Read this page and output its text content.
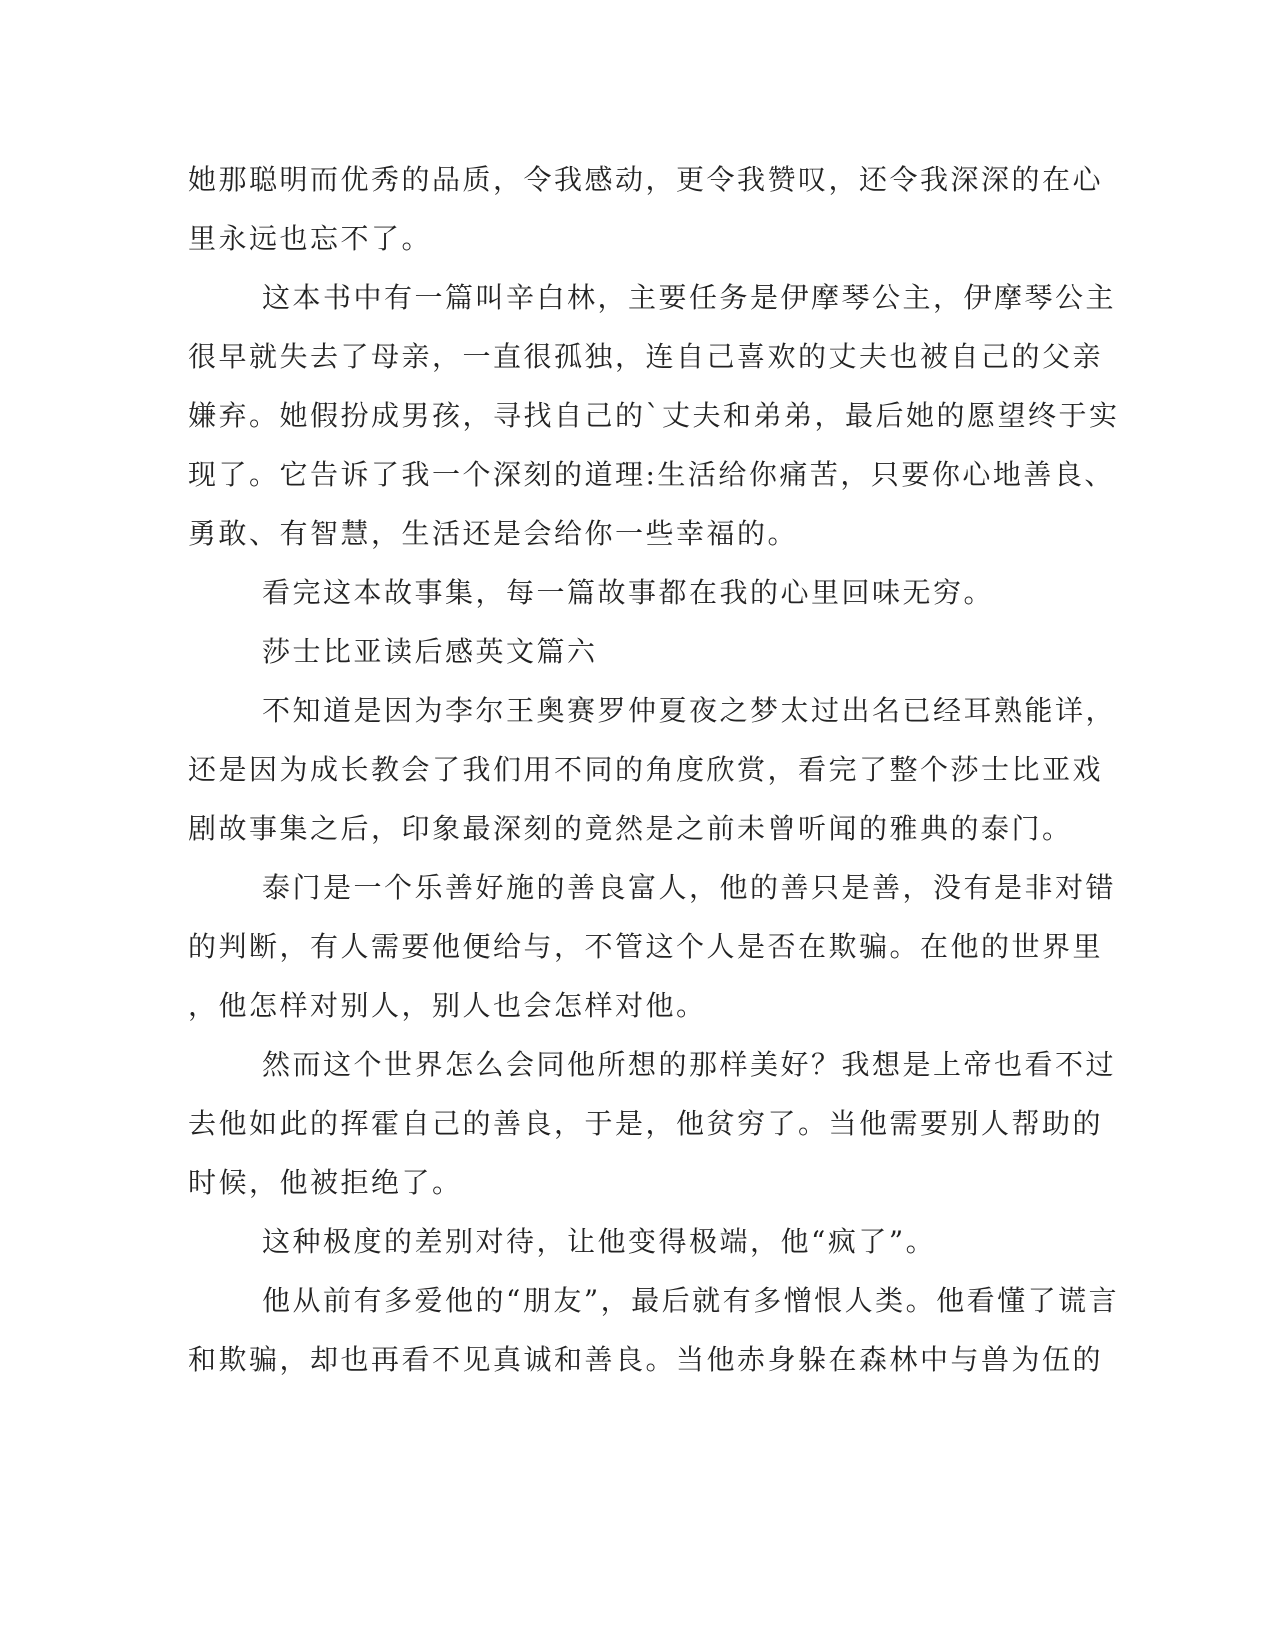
她那聪明而优秀的品质，令我感动，更令我赞叹，还令我深深的在心
里永远也忘不了。
这本书中有一篇叫辛白林，主要任务是伊摩琴公主，伊摩琴公主
很早就失去了母亲，一直很孤独，连自己喜欢的丈夫也被自己的父亲
嫌弃。她假扮成男孩，寻找自己的`丈夫和弟弟，最后她的愿望终于实
现了。它告诉了我一个深刻的道理:生活给你痛苦，只要你心地善良、
勇敢、有智慧，生活还是会给你一些幸福的。
看完这本故事集，每一篇故事都在我的心里回味无穷。
莎士比亚读后感英文篇六
不知道是因为李尔王奥赛罗仲夏夜之梦太过出名已经耳熟能详，
还是因为成长教会了我们用不同的角度欣赏，看完了整个莎士比亚戏
剧故事集之后，印象最深刻的竟然是之前未曾听闻的雅典的泰门。
泰门是一个乐善好施的善良富人，他的善只是善，没有是非对错
的判断，有人需要他便给与，不管这个人是否在欺骗。在他的世界里
，他怎样对别人，别人也会怎样对他。
然而这个世界怎么会同他所想的那样美好？我想是上帝也看不过
去他如此的挥霍自己的善良，于是，他贫穷了。当他需要别人帮助的
时候，他被拒绝了。
这种极度的差别对待，让他变得极端，他“疯了”。
他从前有多爱他的“朋友”，最后就有多憎恨人类。他看懂了谎言
和欺骗，却也再看不见真诚和善良。当他赤身躲在森林中与兽为伍的
